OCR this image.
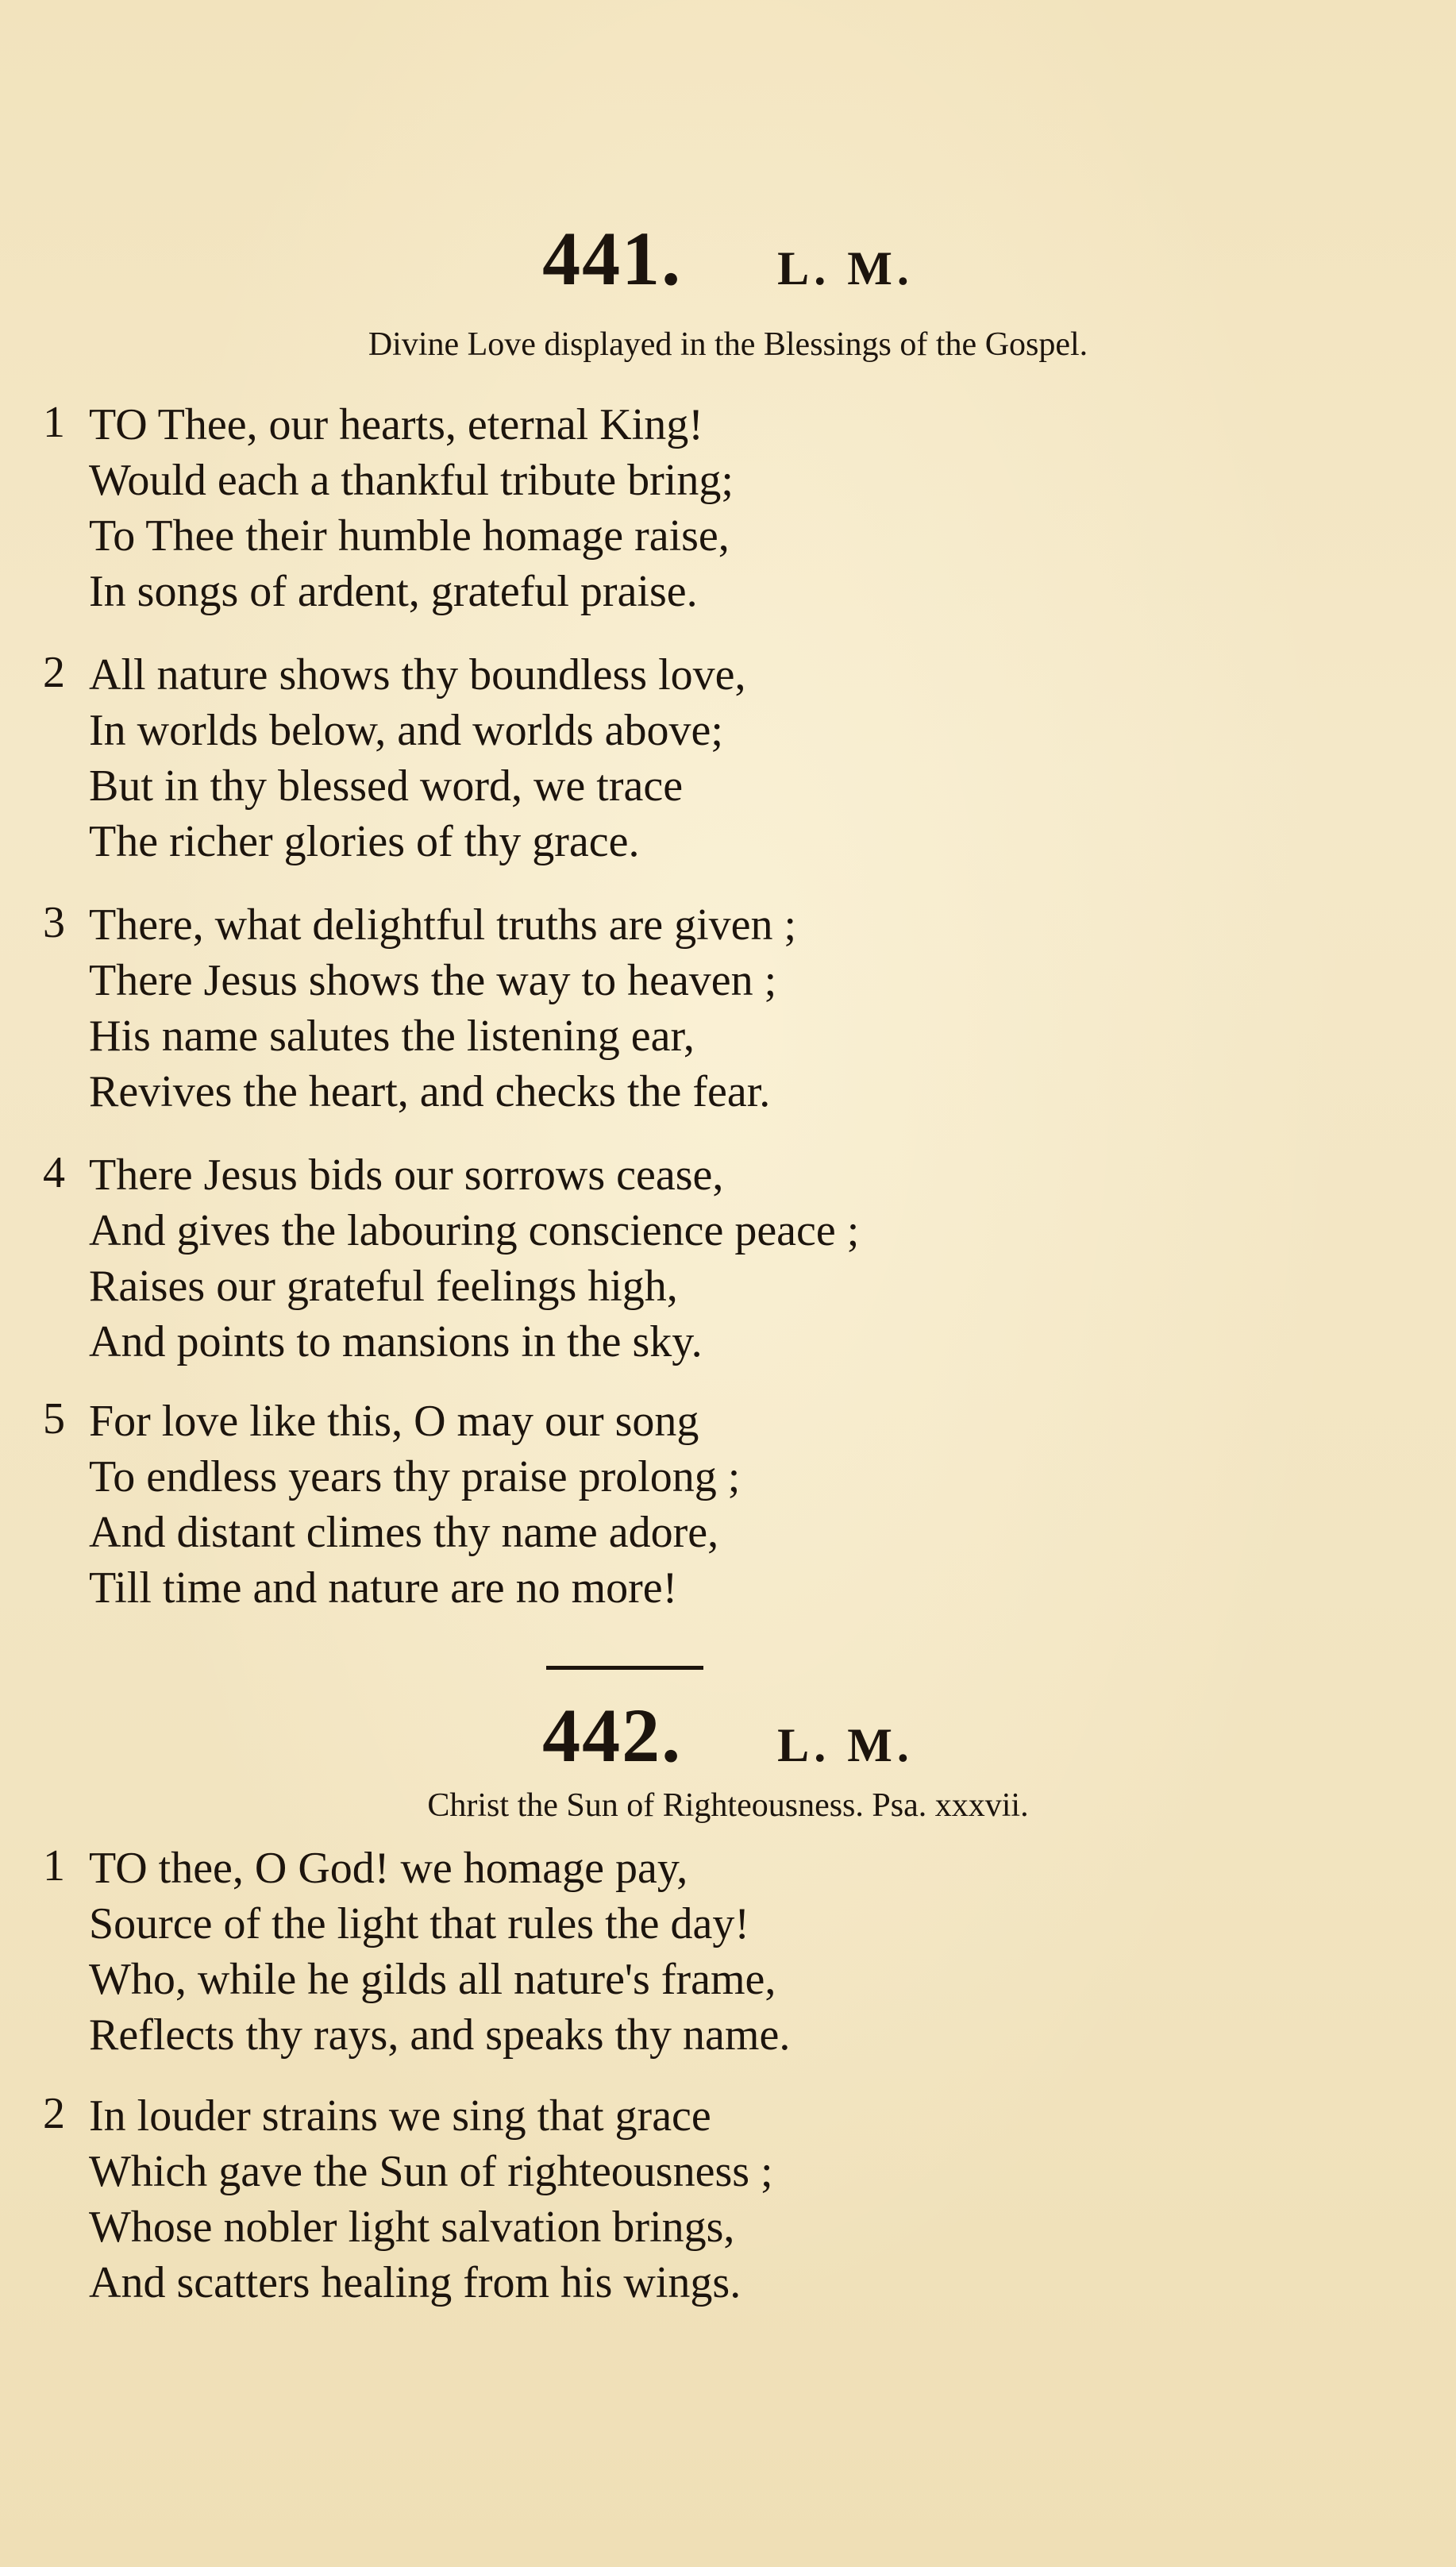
441. L. M.
Divine Love displayed in the Blessings of the Gospel.
1 TO Thee, our hearts, eternal King!
Would each a thankful tribute bring;
To Thee their humble homage raise,
In songs of ardent, grateful praise.
2 All nature shows thy boundless love,
In worlds below, and worlds above;
But in thy blessed word, we trace
The richer glories of thy grace.
3 There, what delightful truths are given ;
There Jesus shows the way to heaven ;
His name salutes the listening ear,
Revives the heart, and checks the fear.
4 There Jesus bids our sorrows cease,
And gives the labouring conscience peace ;
Raises our grateful feelings high,
And points to mansions in the sky.
5 For love like this, O may our song
To endless years thy praise prolong ;
And distant climes thy name adore,
Till time and nature are no more!
442. L. M.
Christ the Sun of Righteousness. Psa. xxxvii.
1 TO thee, O God! we homage pay,
Source of the light that rules the day!
Who, while he gilds all nature's frame,
Reflects thy rays, and speaks thy name.
2 In louder strains we sing that grace
Which gave the Sun of righteousness ;
Whose nobler light salvation brings,
And scatters healing from his wings.
